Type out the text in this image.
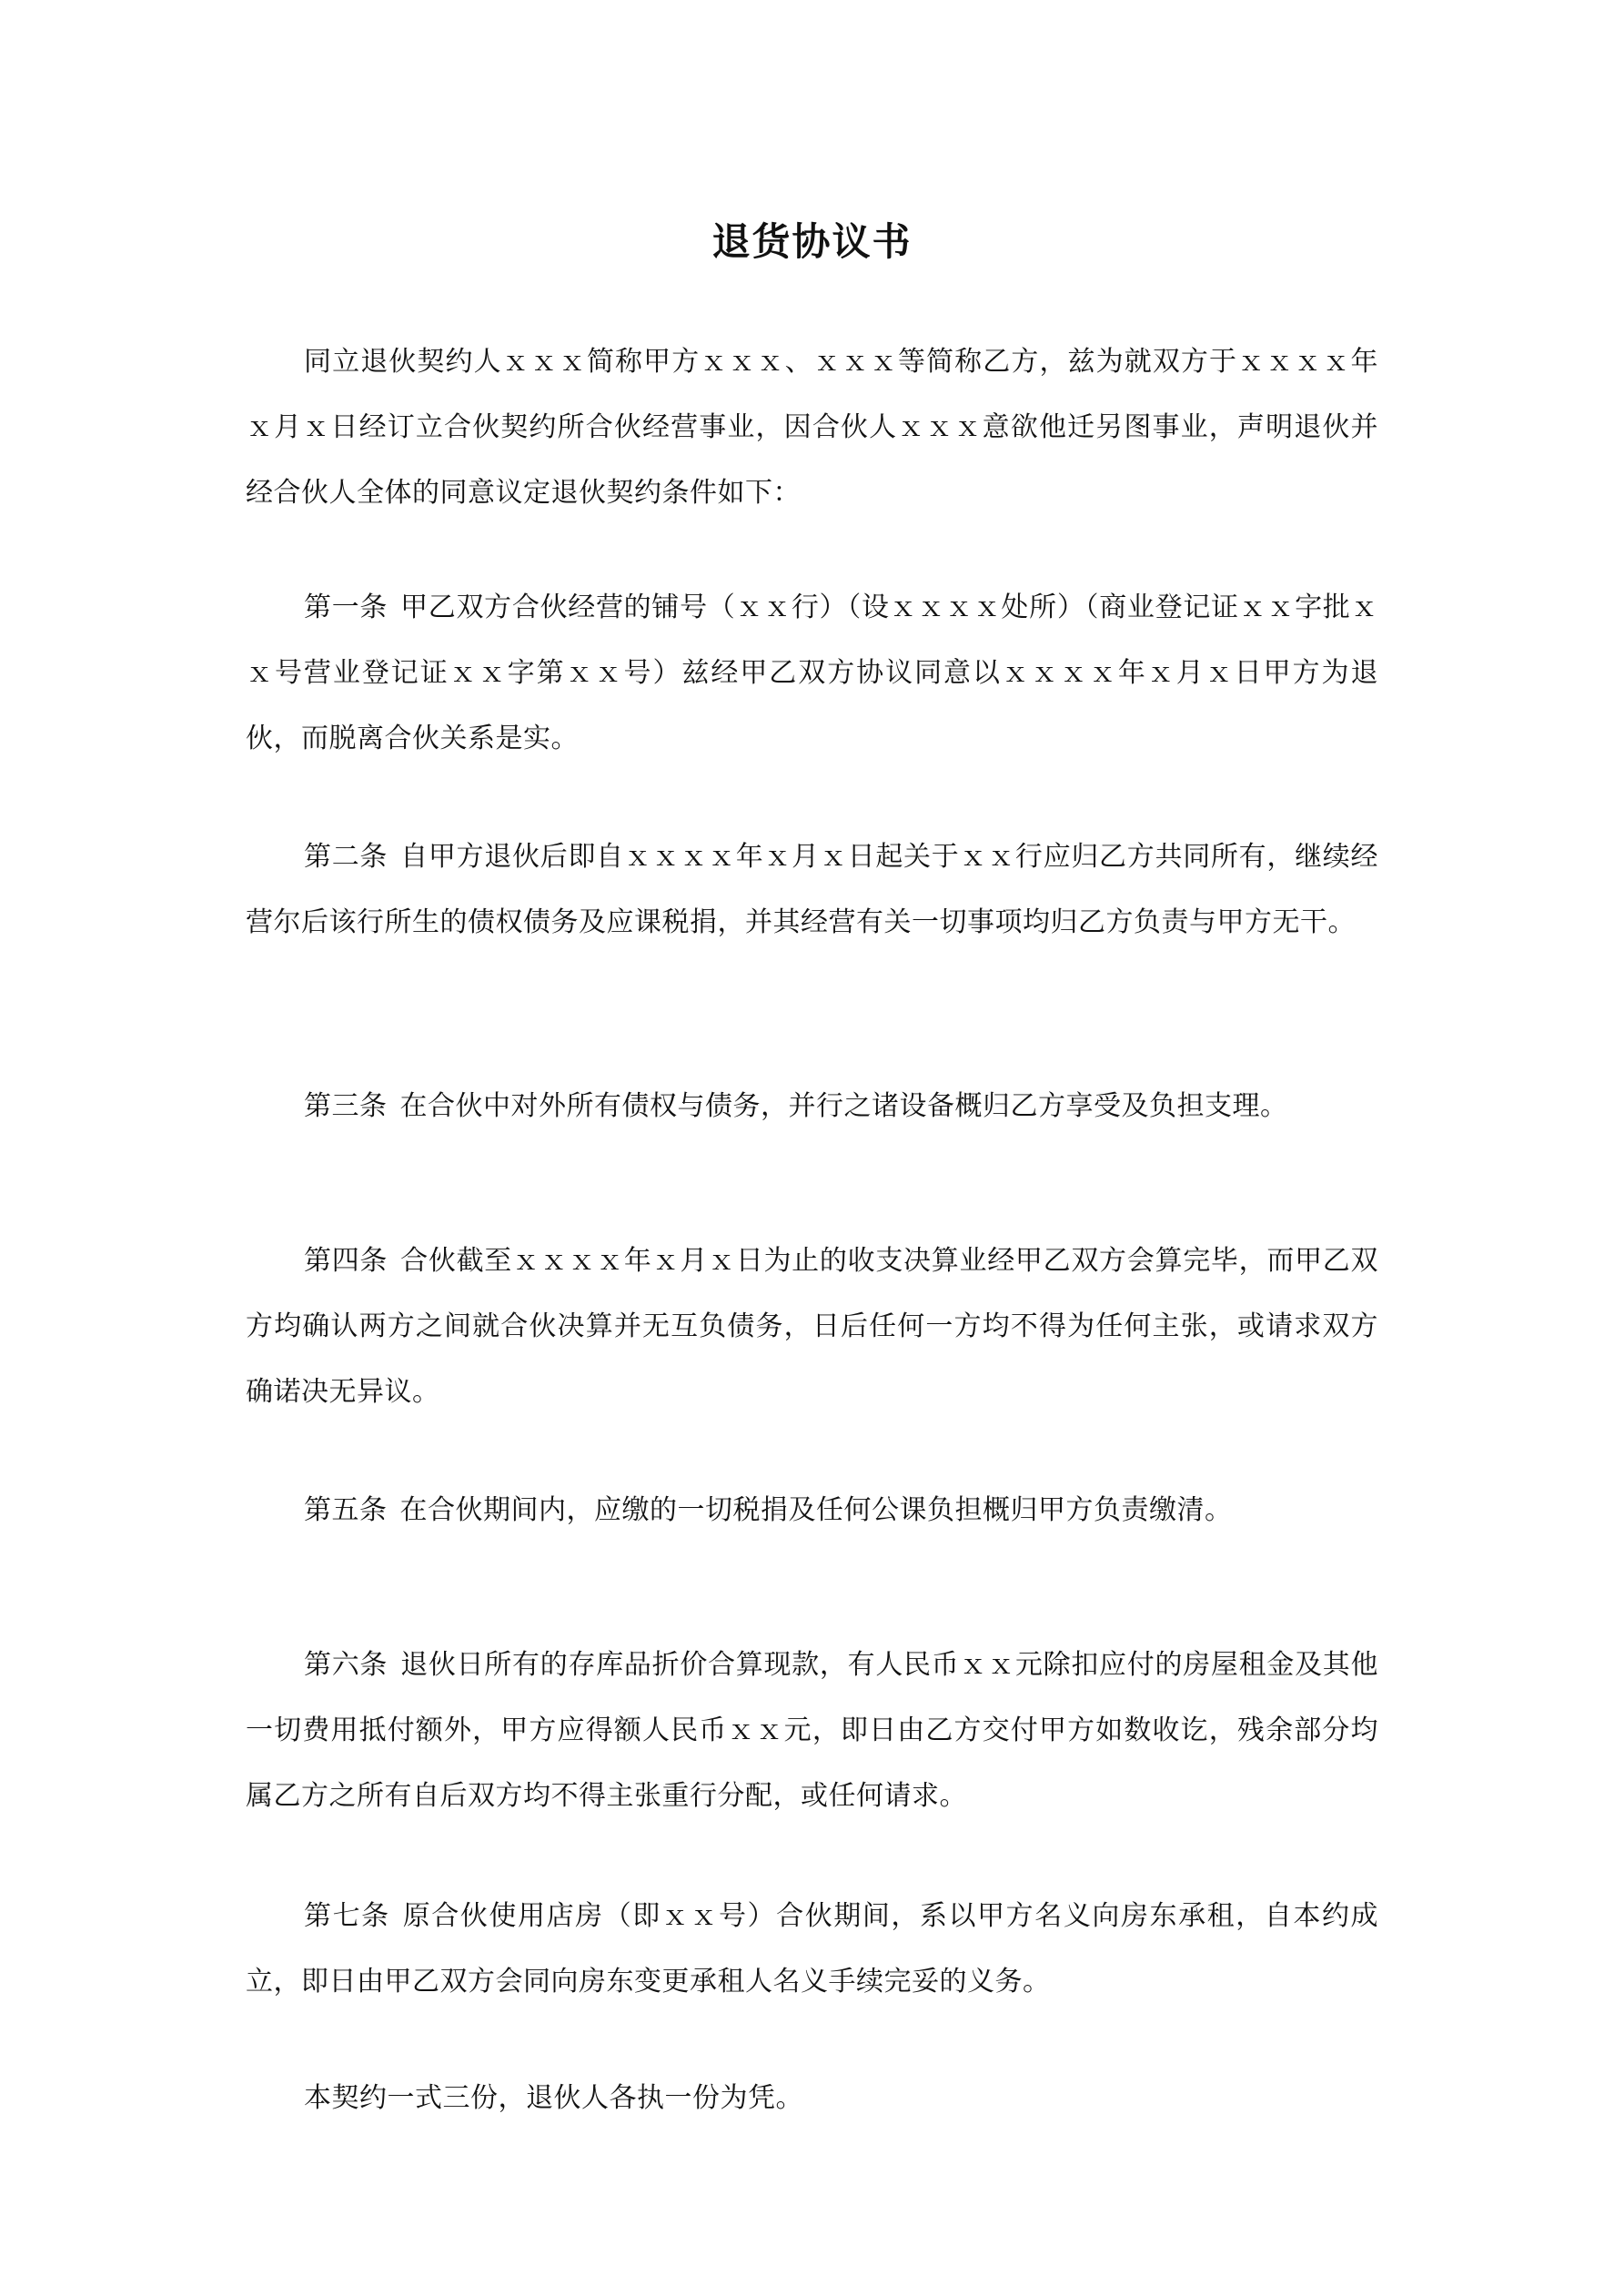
退货协议书

同立退伙契约人ｘｘｘ简称甲方ｘｘｘ、ｘｘｘ等简称乙方，兹为就双方于ｘｘｘｘ年ｘ月ｘ日经订立合伙契约所合伙经营事业，因合伙人ｘｘｘ意欲他迁另图事业，声明退伙并经合伙人全体的同意议定退伙契约条件如下：

第一条 甲乙双方合伙经营的铺号（ｘｘ行）（设ｘｘｘｘ处所）（商业登记证ｘｘ字批ｘｘ号营业登记证ｘｘ字第ｘｘ号）兹经甲乙双方协议同意以ｘｘｘｘ年ｘ月ｘ日甲方为退伙，而脱离合伙关系是实。

第二条 自甲方退伙后即自ｘｘｘｘ年ｘ月ｘ日起关于ｘｘ行应归乙方共同所有，继续经营尔后该行所生的债权债务及应课税捐，并其经营有关一切事项均归乙方负责与甲方无干。

第三条 在合伙中对外所有债权与债务，并行之诸设备概归乙方享受及负担支理。

第四条 合伙截至ｘｘｘｘ年ｘ月ｘ日为止的收支决算业经甲乙双方会算完毕，而甲乙双方均确认两方之间就合伙决算并无互负债务，日后任何一方均不得为任何主张，或请求双方确诺决无异议。

第五条 在合伙期间内，应缴的一切税捐及任何公课负担概归甲方负责缴清。

第六条 退伙日所有的存库品折价合算现款，有人民币ｘｘ元除扣应付的房屋租金及其他一切费用抵付额外，甲方应得额人民币ｘｘ元，即日由乙方交付甲方如数收讫，残余部分均属乙方之所有自后双方均不得主张重行分配，或任何请求。

第七条 原合伙使用店房（即ｘｘ号）合伙期间，系以甲方名义向房东承租，自本约成立，即日由甲乙双方会同向房东变更承租人名义手续完妥的义务。

本契约一式三份，退伙人各执一份为凭。
